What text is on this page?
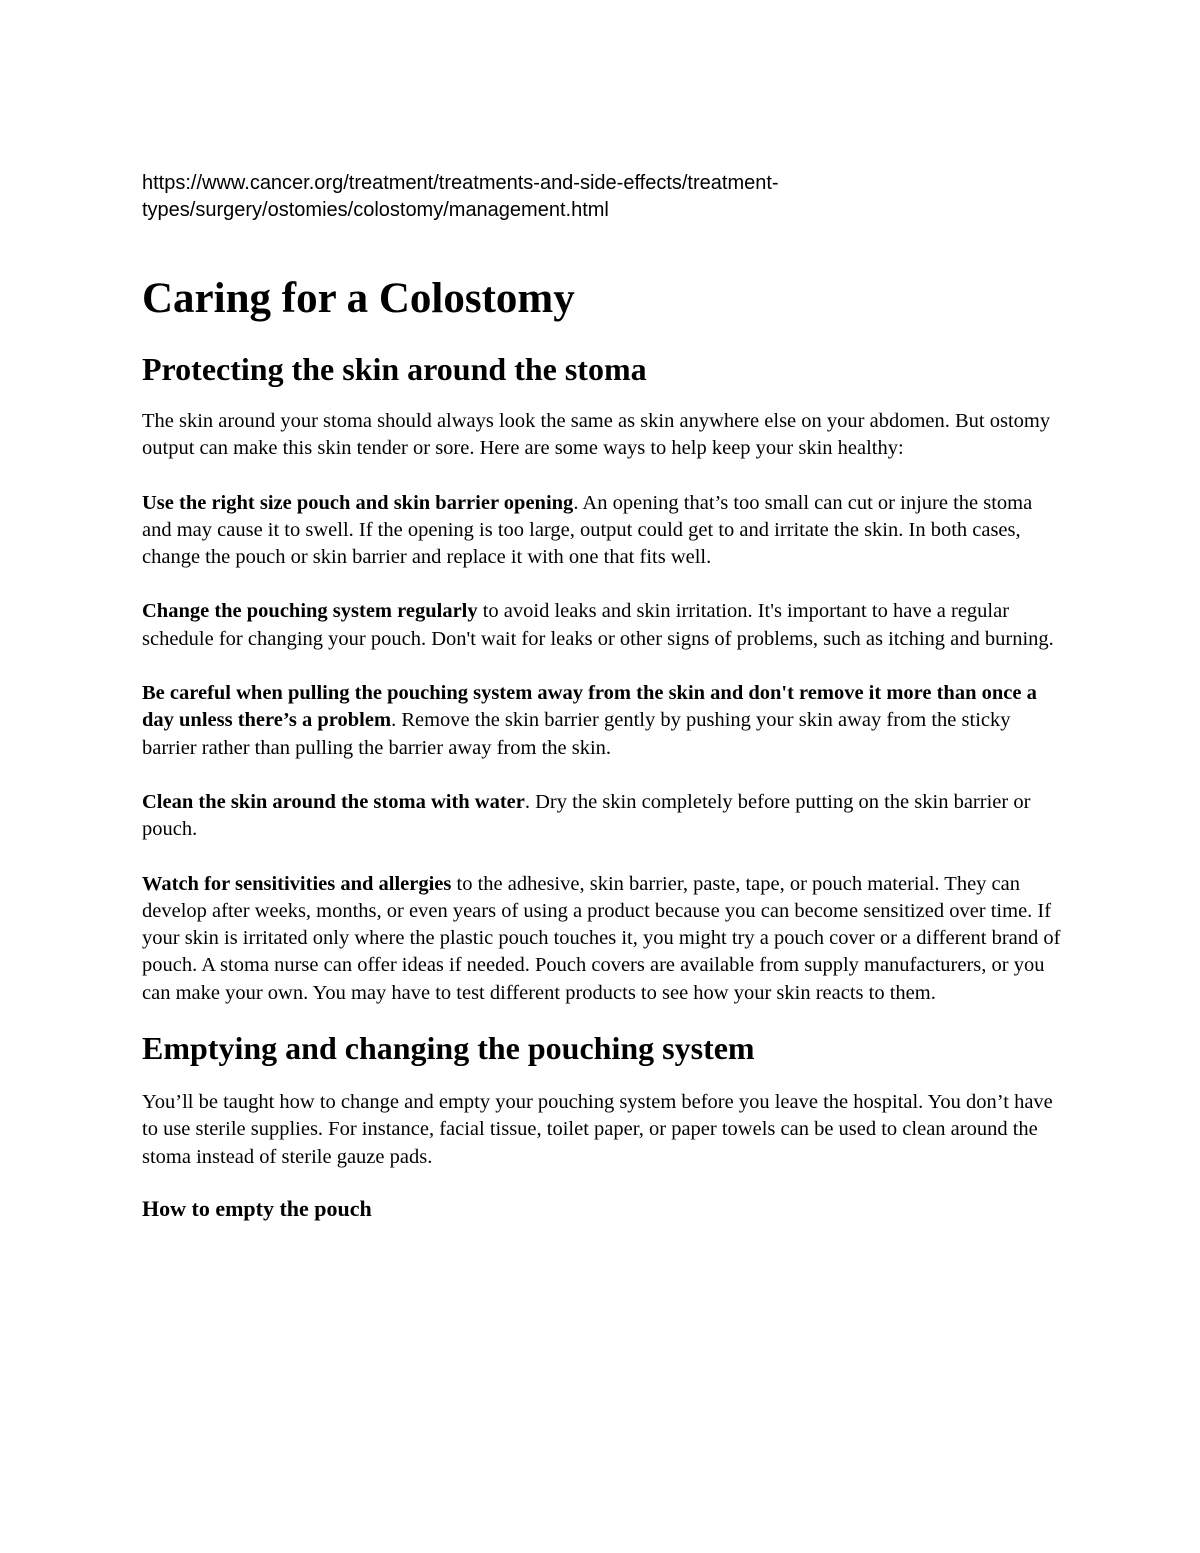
https://www.cancer.org/treatment/treatments-and-side-effects/treatment-
types/surgery/ostomies/colostomy/management.html

Caring for a Colostomy
Protecting the skin around the stoma

The skin around your stoma should always look the same as skin anywhere else on your abdomen. But ostomy output can make this skin tender or sore. Here are some ways to help keep your skin healthy:

Use the right size pouch and skin barrier opening. An opening that’s too small can cut or injure the stoma and may cause it to swell. If the opening is too large, output could get to and irritate the skin. In both cases, change the pouch or skin barrier and replace it with one that fits well.

Change the pouching system regularly to avoid leaks and skin irritation. It's important to have a regular schedule for changing your pouch. Don't wait for leaks or other signs of problems, such as itching and burning.

Be careful when pulling the pouching system away from the skin and don't remove it more than once a day unless there’s a problem. Remove the skin barrier gently by pushing your skin away from the sticky barrier rather than pulling the barrier away from the skin.

Clean the skin around the stoma with water. Dry the skin completely before putting on the skin barrier or pouch.

Watch for sensitivities and allergies to the adhesive, skin barrier, paste, tape, or pouch material. They can develop after weeks, months, or even years of using a product because you can become sensitized over time. If your skin is irritated only where the plastic pouch touches it, you might try a pouch cover or a different brand of pouch. A stoma nurse can offer ideas if needed. Pouch covers are available from supply manufacturers, or you can make your own. You may have to test different products to see how your skin reacts to them.

Emptying and changing the pouching system

You’ll be taught how to change and empty your pouching system before you leave the hospital. You don’t have to use sterile supplies. For instance, facial tissue, toilet paper, or paper towels can be used to clean around the stoma instead of sterile gauze pads.

How to empty the pouch
